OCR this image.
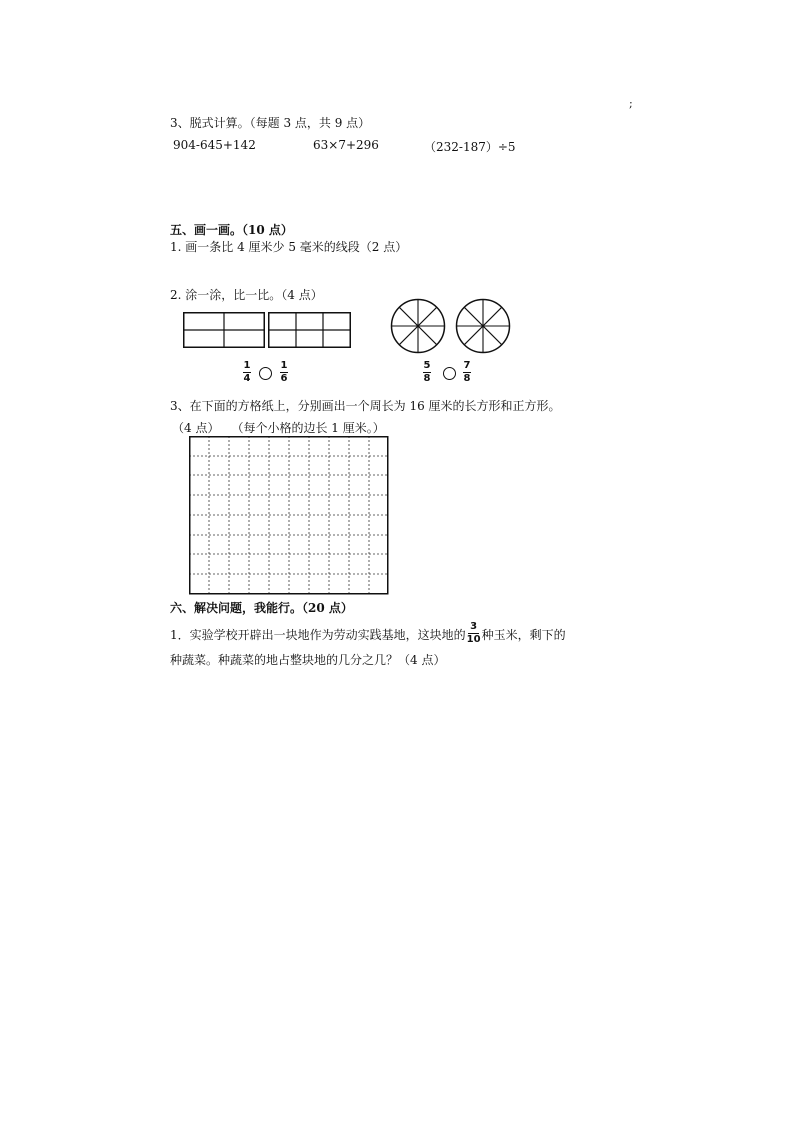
;
3、脱式计算。（每题 3 点，共 9 点）
904-645+142	63×7+296	（232-187）÷5
五、画一画。（10 点）
1. 画一条比 4 厘米少 5 毫米的线段（2 点）
2. 涂一涂，比一比。（4 点）
1
4
1
6
5
8
7
8
3、在下面的方格纸上，分别画出一个周长为 16 厘米的长方形和正方形。
（4 点）　　（每个小格的边长 1 厘米。）
六、解决问题，我能行。（20 点）
1．实验学校开辟出一块地作为劳动实践基地，这块地的 $\frac{3}{10}$ 种玉米，剩下的
种蔬菜。种蔬菜的地占整块地的几分之几？（4 点）
